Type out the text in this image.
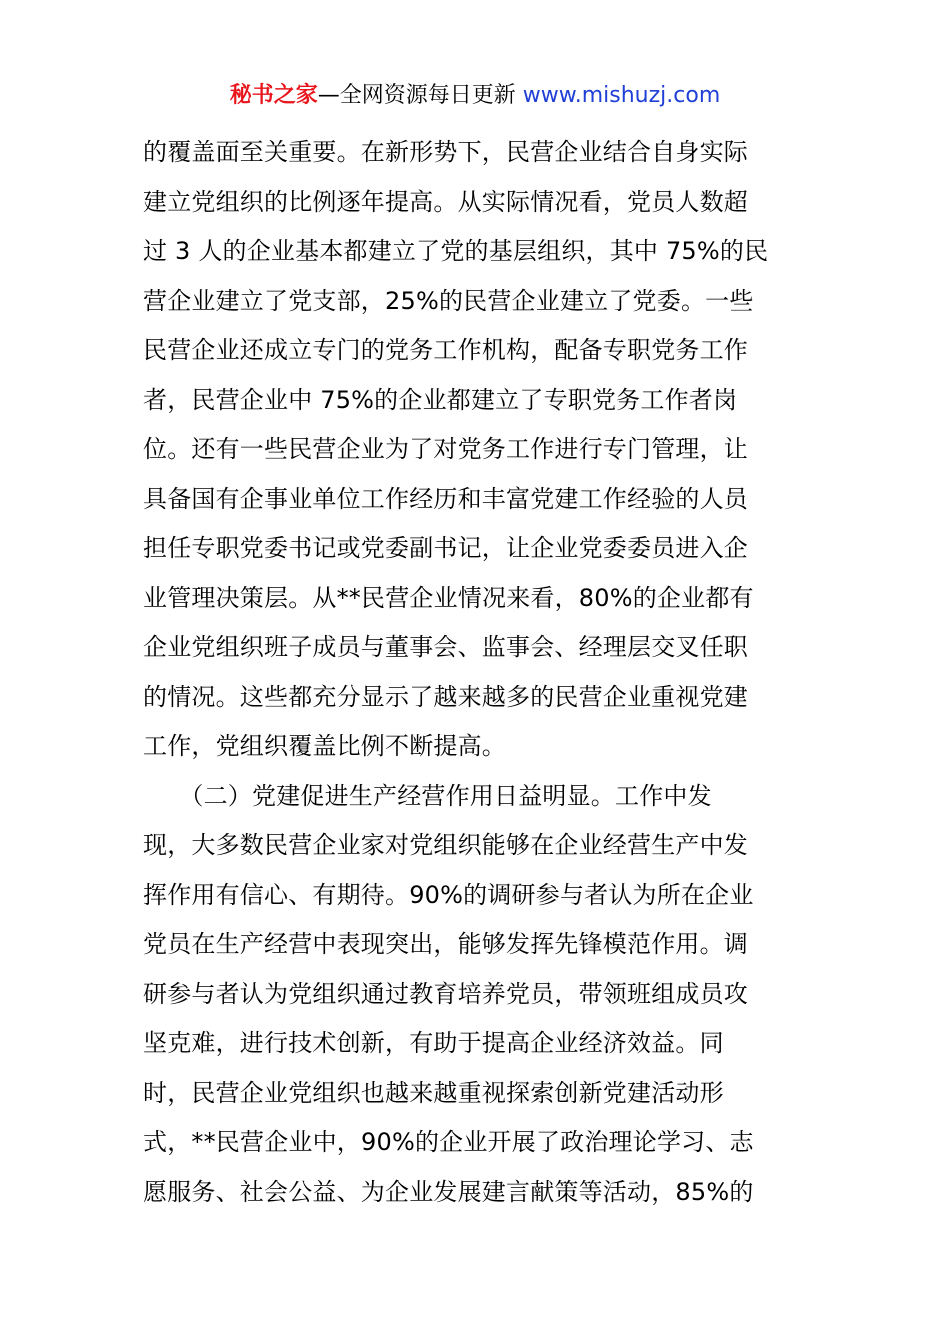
秘书之家—全网资源每日更新 www.mishuzj.com
的覆盖面至关重要。在新形势下，民营企业结合自身实际
建立党组织的比例逐年提高。从实际情况看，党员人数超
过 3 人的企业基本都建立了党的基层组织，其中 75%的民
营企业建立了党支部，25%的民营企业建立了党委。一些
民营企业还成立专门的党务工作机构，配备专职党务工作
者，民营企业中 75%的企业都建立了专职党务工作者岗
位。还有一些民营企业为了对党务工作进行专门管理，让
具备国有企事业单位工作经历和丰富党建工作经验的人员
担任专职党委书记或党委副书记，让企业党委委员进入企
业管理决策层。从**民营企业情况来看，80%的企业都有
企业党组织班子成员与董事会、监事会、经理层交叉任职
的情况。这些都充分显示了越来越多的民营企业重视党建
工作，党组织覆盖比例不断提高。
　　（二）党建促进生产经营作用日益明显。工作中发
现，大多数民营企业家对党组织能够在企业经营生产中发
挥作用有信心、有期待。90%的调研参与者认为所在企业
党员在生产经营中表现突出，能够发挥先锋模范作用。调
研参与者认为党组织通过教育培养党员，带领班组成员攻
坚克难，进行技术创新，有助于提高企业经济效益。同
时，民营企业党组织也越来越重视探索创新党建活动形
式，**民营企业中，90%的企业开展了政治理论学习、志
愿服务、社会公益、为企业发展建言献策等活动，85%的
